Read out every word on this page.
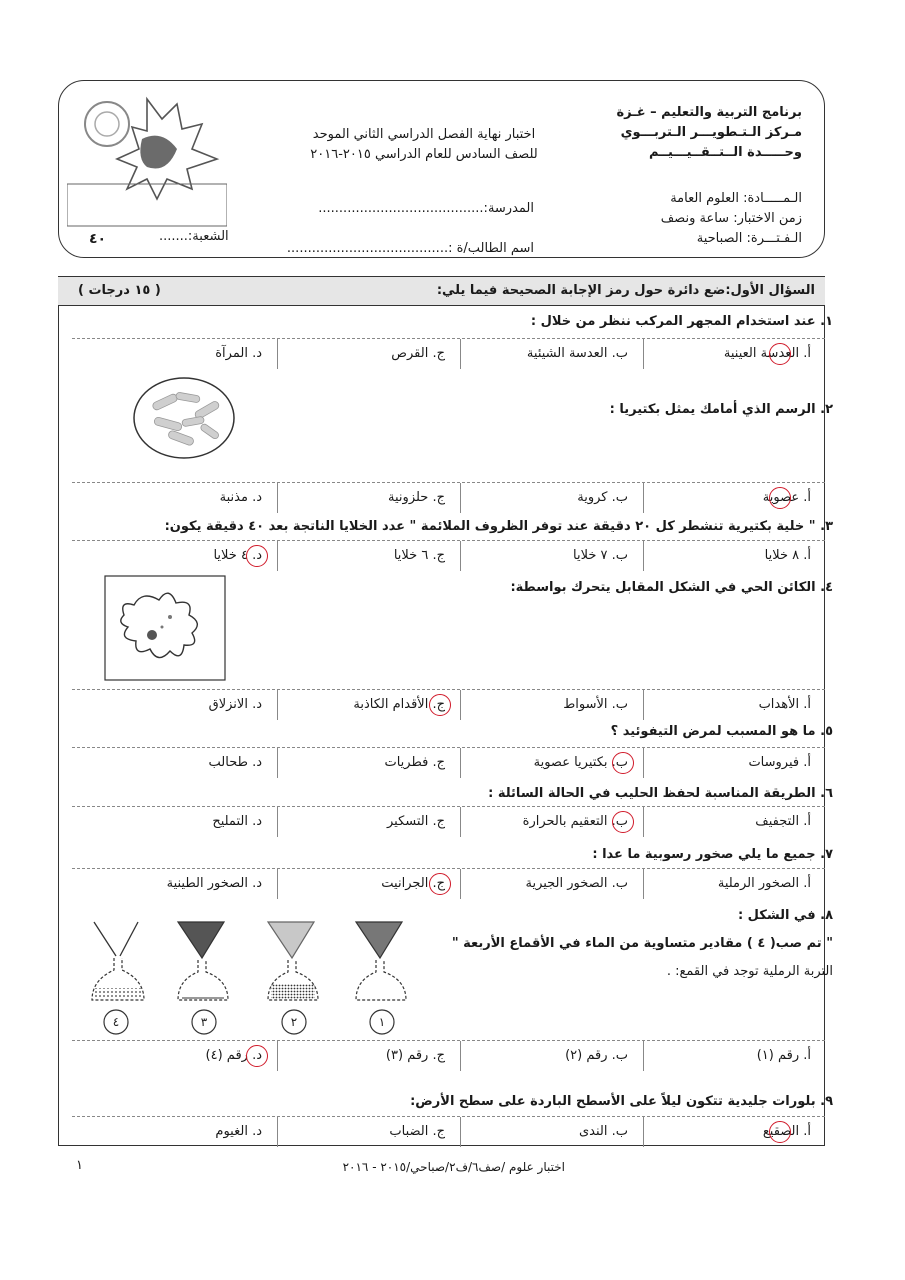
برنامج التربية والتعليم – غـزة
مـركز الـتـطويـــر الـتربـــوي
وحـــــدة الــتــقــيـــيــم
اختبار نهاية الفصل الدراسي الثاني الموحد
للصف السادس للعام الدراسي ٢٠١٥-٢٠١٦
الـمـــــادة: العلوم العامة
زمن الاختبار: ساعة ونصف
الـفـتـــرة: الصباحية
المدرسة:........................................
اسم الطالب/ة :.......................................
الشعبة:.......
٤٠
السؤال الأول:ضع دائرة حول رمز الإجابة الصحيحة فيما يلي:
( ١٥ درجات )
١. عند استخدام المجهر المركب ننظر من خلال :
أ. العدسة العينية
ب. العدسة الشيئية
ج. القرص
د. المرآة
٢. الرسم الذي أمامك يمثل بكتيريا :
أ. عصوية
ب. كروية
ج. حلزونية
د. مذنبة
٣. " خلية بكتيرية تنشطر كل ٢٠ دقيقة عند توفر الظروف الملائمة " عدد الخلايا الناتجة بعد ٤٠ دقيقة يكون:
أ. ٨ خلايا
ب. ٧ خلايا
ج. ٦ خلايا
د. ٤ خلايا
٤. الكائن الحي في الشكل المقابل يتحرك بواسطة:
أ. الأهداب
ب. الأسواط
ج. الأقدام الكاذبة
د. الانزلاق
٥. ما هو المسبب لمرض التيفوئيد ؟
أ. فيروسات
ب. بكتيريا عصوية
ج. فطريات
د. طحالب
٦. الطريقة المناسبة لحفظ الحليب في الحالة السائلة :
أ. التجفيف
ب. التعقيم بالحرارة
ج. التسكير
د. التمليح
٧. جميع ما يلي صخور رسوبية ما عدا :
أ. الصخور الرملية
ب. الصخور الجيرية
ج. الجرانيت
د. الصخور الطينية
٨. في الشكل :
أ. رقم (١)
ب. رقم (٢)
ج. رقم (٣)
د. رقم (٤)
٩. بلورات جليدية تتكون ليلاً على الأسطح الباردة على سطح الأرض:
أ. الصقيع
ب. الندى
ج. الضباب
د. الغيوم
٤	٣	٢	١
" تم صب( ٤ ) مقادير متساوية من الماء في الأقماع الأربعة "
التربة الرملية توجد في القمع: .
١	اختبار علوم /صف٦/ف٢/صباحي/٢٠١٥ - ٢٠١٦
